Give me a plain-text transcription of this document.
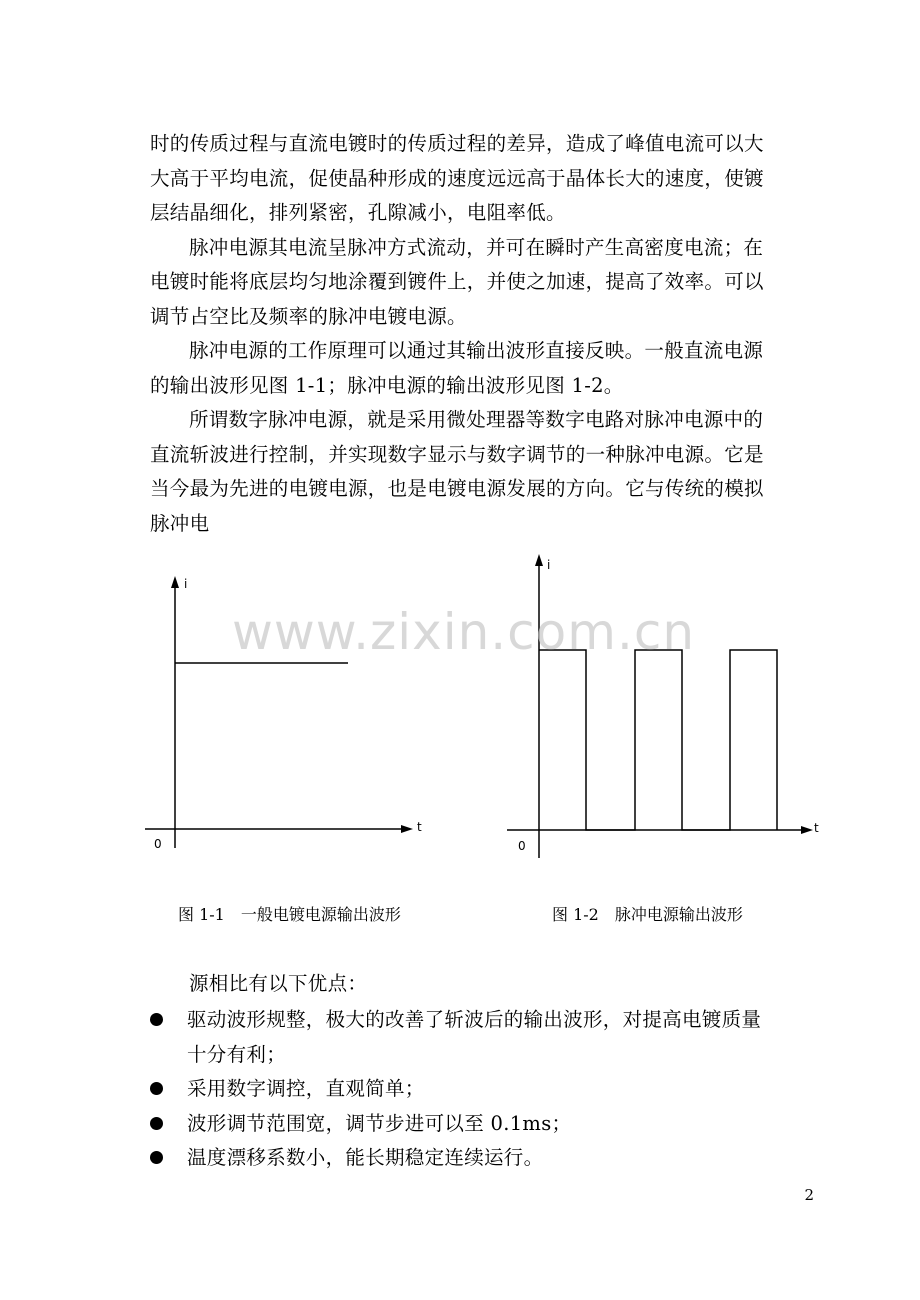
时的传质过程与直流电镀时的传质过程的差异，造成了峰值电流可以大
大高于平均电流，促使晶种形成的速度远远高于晶体长大的速度，使镀
层结晶细化，排列紧密，孔隙减小，电阻率低。
脉冲电源其电流呈脉冲方式流动，并可在瞬时产生高密度电流；在
电镀时能将底层均匀地涂覆到镀件上，并使之加速，提高了效率。可以
调节占空比及频率的脉冲电镀电源。
脉冲电源的工作原理可以通过其输出波形直接反映。一般直流电源
的输出波形见图 1-1；脉冲电源的输出波形见图 1-2。
所谓数字脉冲电源，就是采用微处理器等数字电路对脉冲电源中的
直流斩波进行控制，并实现数字显示与数字调节的一种脉冲电源。它是
当今最为先进的电镀电源，也是电镀电源发展的方向。它与传统的模拟
脉冲电
i
t
0
i
t
0
www.zixin.com.cn
图 1-1　一般电镀电源输出波形	图 1-2　脉冲电源输出波形
源相比有以下优点：
驱动波形规整，极大的改善了斩波后的输出波形，对提高电镀质量
十分有利；
采用数字调控，直观简单；
波形调节范围宽，调节步进可以至 0.1ms；
温度漂移系数小，能长期稳定连续运行。
2
